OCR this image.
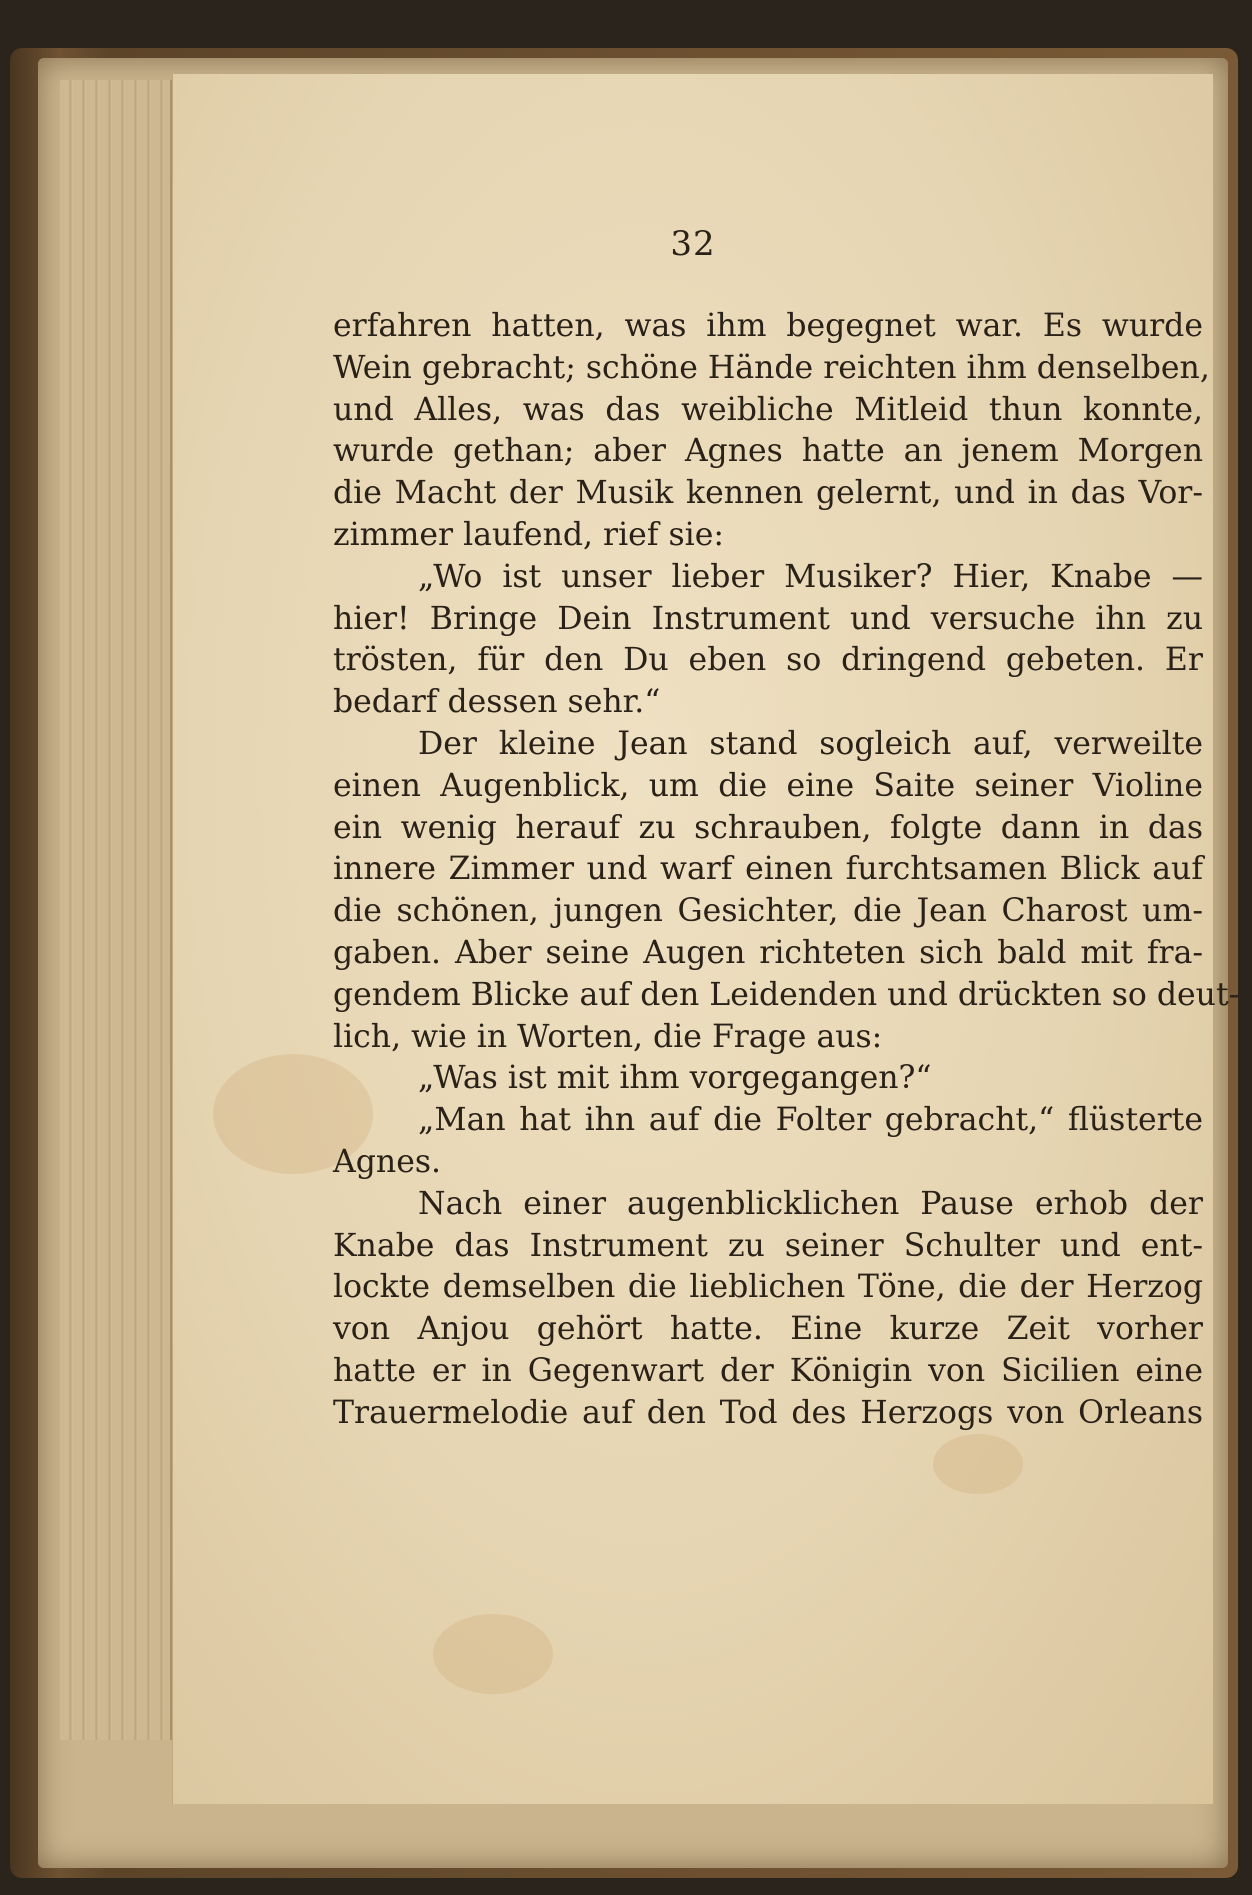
32
erfahren hatten, was ihm begegnet war. Es wurde
Wein gebracht; schöne Hände reichten ihm denselben,
und Alles, was das weibliche Mitleid thun konnte,
wurde gethan; aber Agnes hatte an jenem Morgen
die Macht der Musik kennen gelernt, und in das Vor-
zimmer laufend, rief sie:
„Wo ist unser lieber Musiker? Hier, Knabe —
hier! Bringe Dein Instrument und versuche ihn zu
trösten, für den Du eben so dringend gebeten. Er
bedarf dessen sehr.“
Der kleine Jean stand sogleich auf, verweilte
einen Augenblick, um die eine Saite seiner Violine
ein wenig herauf zu schrauben, folgte dann in das
innere Zimmer und warf einen furchtsamen Blick auf
die schönen, jungen Gesichter, die Jean Charost um-
gaben. Aber seine Augen richteten sich bald mit fra-
gendem Blicke auf den Leidenden und drückten so deut-
lich, wie in Worten, die Frage aus:
„Was ist mit ihm vorgegangen?“
„Man hat ihn auf die Folter gebracht,“ flüsterte
Agnes.
Nach einer augenblicklichen Pause erhob der
Knabe das Instrument zu seiner Schulter und ent-
lockte demselben die lieblichen Töne, die der Herzog
von Anjou gehört hatte. Eine kurze Zeit vorher
hatte er in Gegenwart der Königin von Sicilien eine
Trauermelodie auf den Tod des Herzogs von Orleans
